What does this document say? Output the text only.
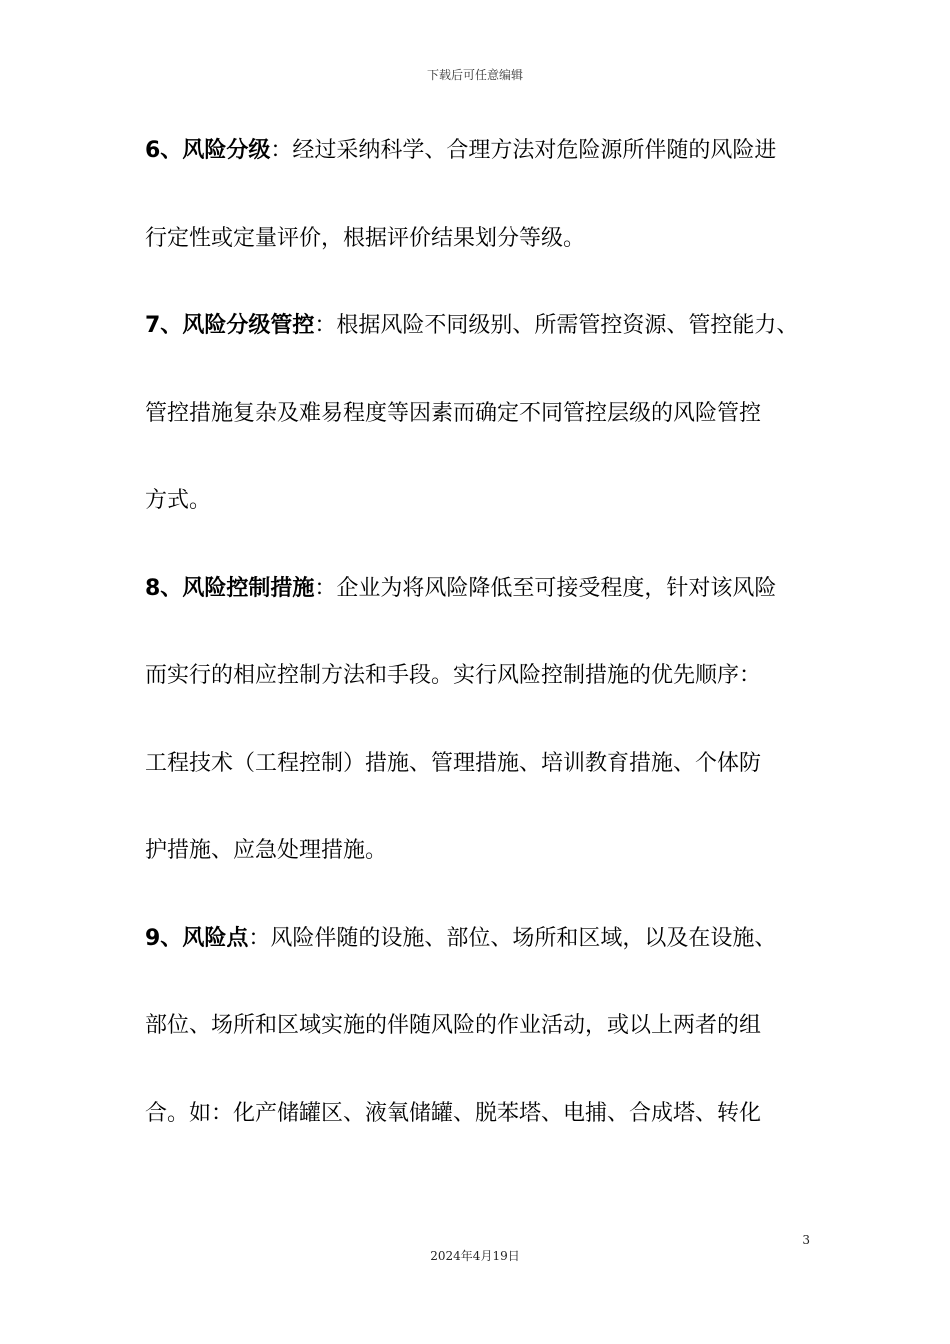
下载后可任意编辑
6、风险分级：经过采纳科学、合理方法对危险源所伴随的风险进
行定性或定量评价，根据评价结果划分等级。
7、风险分级管控：根据风险不同级别、所需管控资源、管控能力、
管控措施复杂及难易程度等因素而确定不同管控层级的风险管控
方式。
8、风险控制措施：企业为将风险降低至可接受程度，针对该风险
而实行的相应控制方法和手段。实行风险控制措施的优先顺序：
工程技术（工程控制）措施、管理措施、培训教育措施、个体防
护措施、应急处理措施。
9、风险点：风险伴随的设施、部位、场所和区域，以及在设施、
部位、场所和区域实施的伴随风险的作业活动，或以上两者的组
合。如：化产储罐区、液氧储罐、脱苯塔、电捕、合成塔、转化
3
2024年4月19日
